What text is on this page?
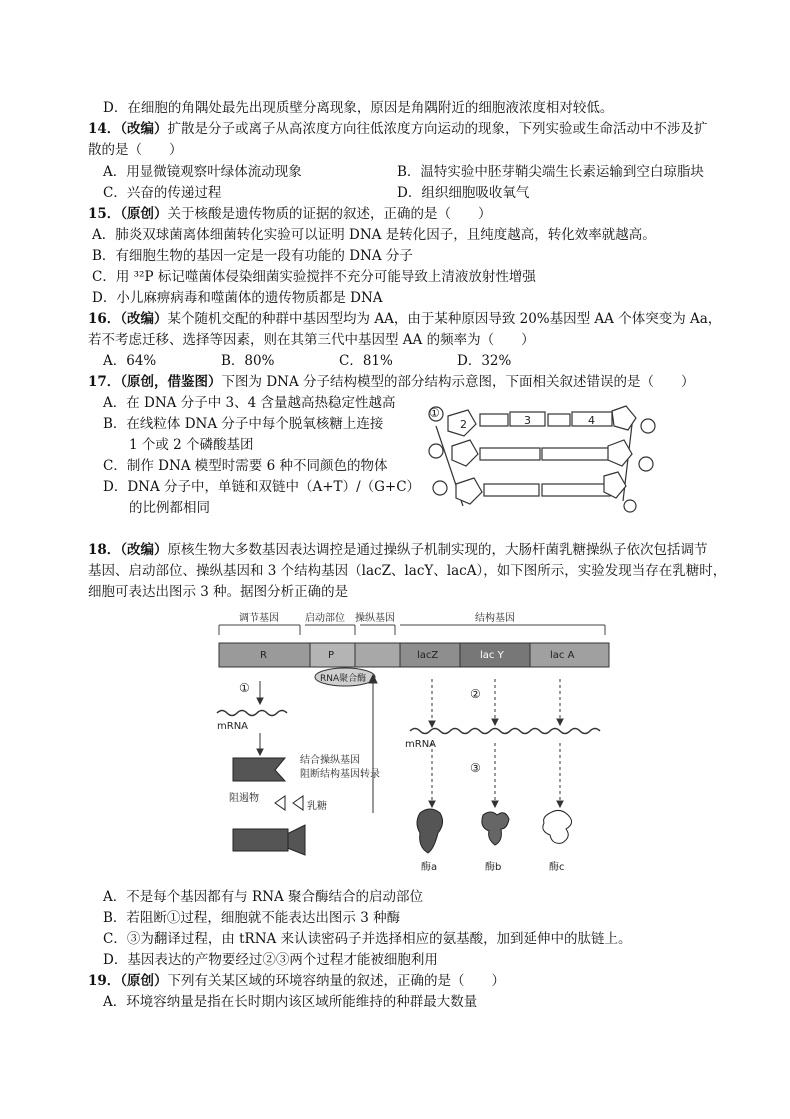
D．在细胞的角隅处最先出现质壁分离现象，原因是角隅附近的细胞液浓度相对较低。
14．（改编）扩散是分子或离子从高浓度方向往低浓度方向运动的现象，下列实验或生命活动中不涉及扩
散的是（　　）
A．用显微镜观察叶绿体流动现象	B．温特实验中胚芽鞘尖端生长素运输到空白琼脂块
C．兴奋的传递过程	D．组织细胞吸收氧气
15．（原创）关于核酸是遗传物质的证据的叙述，正确的是（　　）
A．肺炎双球菌离体细菌转化实验可以证明 DNA 是转化因子，且纯度越高，转化效率就越高。
B．有细胞生物的基因一定是一段有功能的 DNA 分子
C．用 ³²P 标记噬菌体侵染细菌实验搅拌不充分可能导致上清液放射性增强
D．小儿麻痹病毒和噬菌体的遗传物质都是 DNA
16．（改编）某个随机交配的种群中基因型均为 AA，由于某种原因导致 20%基因型 AA 个体突变为 Aa，
若不考虑迁移、选择等因素，则在其第三代中基因型 AA 的频率为（　　）
A．64%	B．80%	C．81%	D．32%
17．（原创，借鉴图）下图为 DNA 分子结构模型的部分结构示意图，下面相关叙述错误的是（　　）
A．在 DNA 分子中 3、4 含量越高热稳定性越高
B．在线粒体 DNA 分子中每个脱氧核糖上连接
1 个或 2 个磷酸基团
C．制作 DNA 模型时需要 6 种不同颜色的物体
D．DNA 分子中，单链和双链中（A+T）/（G+C）
的比例都相同
①
2	3	4
18．（改编）原核生物大多数基因表达调控是通过操纵子机制实现的，大肠杆菌乳糖操纵子依次包括调节
基因、启动部位、操纵基因和 3 个结构基因（lacZ、lacY、lacA），如下图所示，实验发现当存在乳糖时，
细胞可表达出图示 3 种。据图分析正确的是
调节基因	启动部位 操纵基因	结构基因
R	P	lacZ	lac Y	lac A
RNA聚合酶
①	②
③
mRNA
mRNA
结合操纵基因
阻断结构基因转录
阻遏物
乳糖
酶a	酶b	酶c
A．不是每个基因都有与 RNA 聚合酶结合的启动部位
B．若阻断①过程，细胞就不能表达出图示 3 种酶
C．③为翻译过程，由 tRNA 来认读密码子并选择相应的氨基酸，加到延伸中的肽链上。
D．基因表达的产物要经过②③两个过程才能被细胞利用
19．（原创）下列有关某区域的环境容纳量的叙述，正确的是（　　）
A．环境容纳量是指在长时期内该区域所能维持的种群最大数量
